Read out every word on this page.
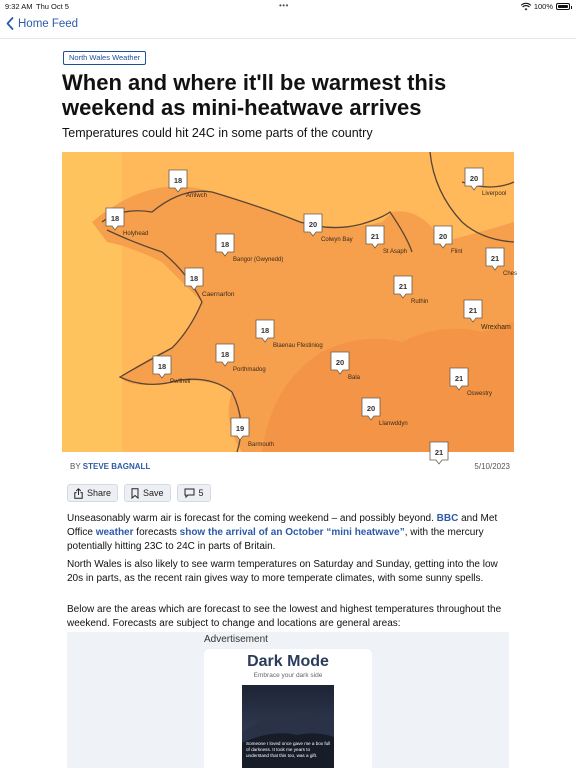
9:32 AM Thu Oct 5	•••	100%
Home Feed
North Wales Weather
When and where it'll be warmest this weekend as mini-heatwave arrives
Temperatures could hit 24C in some parts of the country
18
Amlwch
18
Holyhead
18
Bangor (Gwynedd)
18
Caernarfon
20
Colwyn Bay 21
St Asaph
20
Flint
20
Liverpool
21
Ches
21
Ruthin
21
Wrexham
18
Blaenau Ffestiniog
18
Porthmadog
18
Pwllheli
20
Bala	21
Oswestry
20
Llanwddyn
19
Barmouth
21
BY STEVE BAGNALL	5/10/2023
Share	Save	5

Unseasonably warm air is forecast for the coming weekend – and possibly beyond. BBC and Met Office weather forecasts show the arrival of an October “mini heatwave”, with the mercury potentially hitting 23C to 24C in parts of Britain.

North Wales is also likely to see warm temperatures on Saturday and Sunday, getting into the low 20s in parts, as the recent rain gives way to more temperate climates, with some sunny spells.

Below are the areas which are forecast to see the lowest and highest temperatures throughout the weekend. Forecasts are subject to change and locations are general areas:

Advertisement
Dark Mode
Embrace your dark side
Someone I loved once gave me a box full of darkness. It took me years to understand that this too, was a gift.
